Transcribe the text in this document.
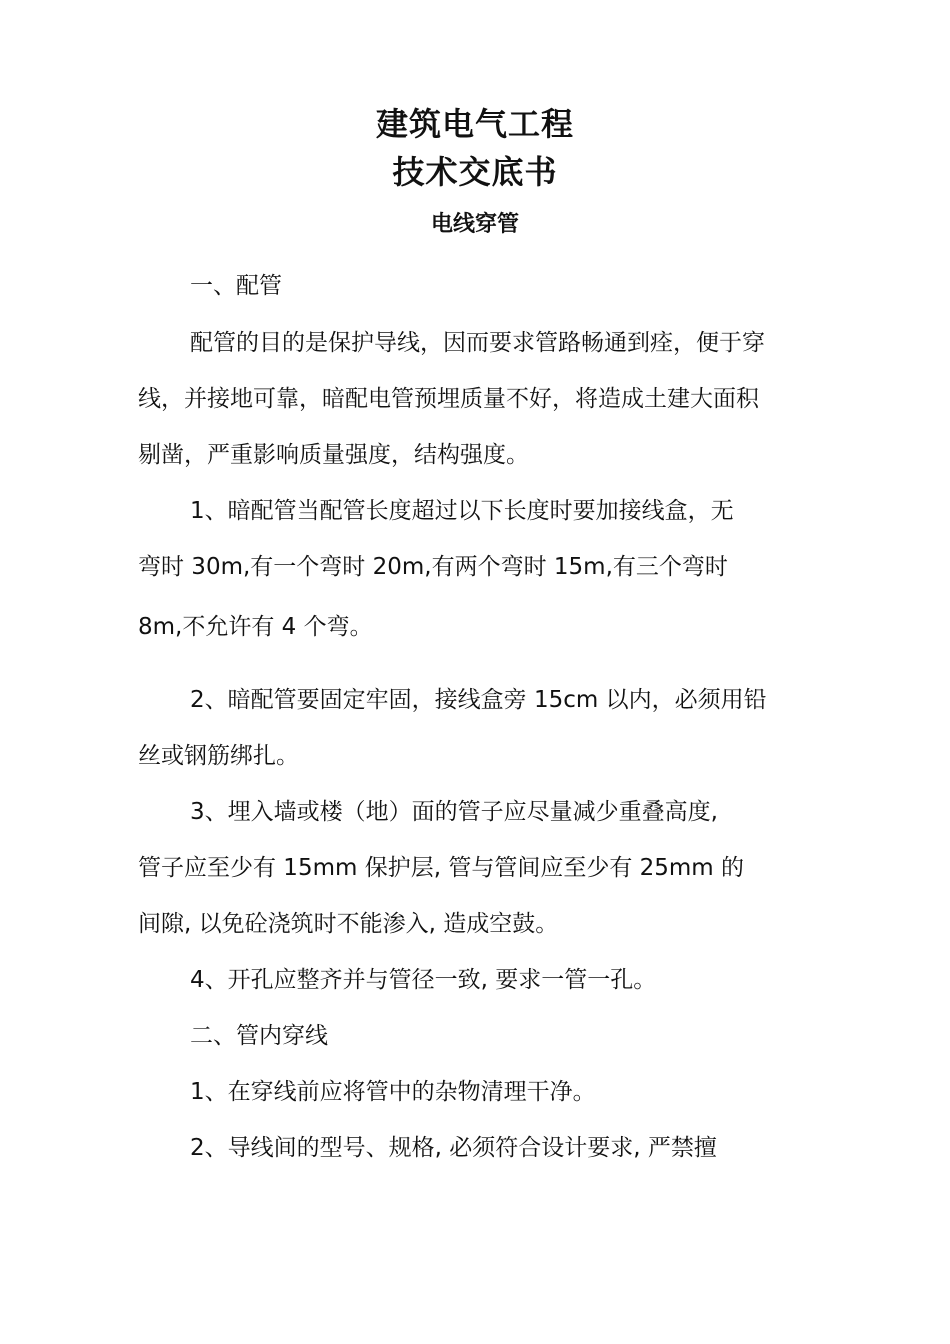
建筑电气工程
技术交底书
电线穿管
一、配管
配管的目的是保护导线，因而要求管路畅通到痊，便于穿
线，并接地可靠，暗配电管预埋质量不好，将造成土建大面积
剔凿，严重影响质量强度，结构强度。
1、暗配管当配管长度超过以下长度时要加接线盒，无
弯时 30m,有一个弯时 20m,有两个弯时 15m,有三个弯时
8m,不允许有 4 个弯。
2、暗配管要固定牢固，接线盒旁 15cm 以内，必须用铅
丝或钢筋绑扎。
3、埋入墙或楼（地）面的管子应尽量减少重叠高度,
管子应至少有 15mm 保护层, 管与管间应至少有 25mm 的
间隙, 以免砼浇筑时不能渗入, 造成空鼓。
4、开孔应整齐并与管径一致, 要求一管一孔。
二、管内穿线
1、在穿线前应将管中的杂物清理干净。
2、导线间的型号、规格, 必须符合设计要求, 严禁擅
